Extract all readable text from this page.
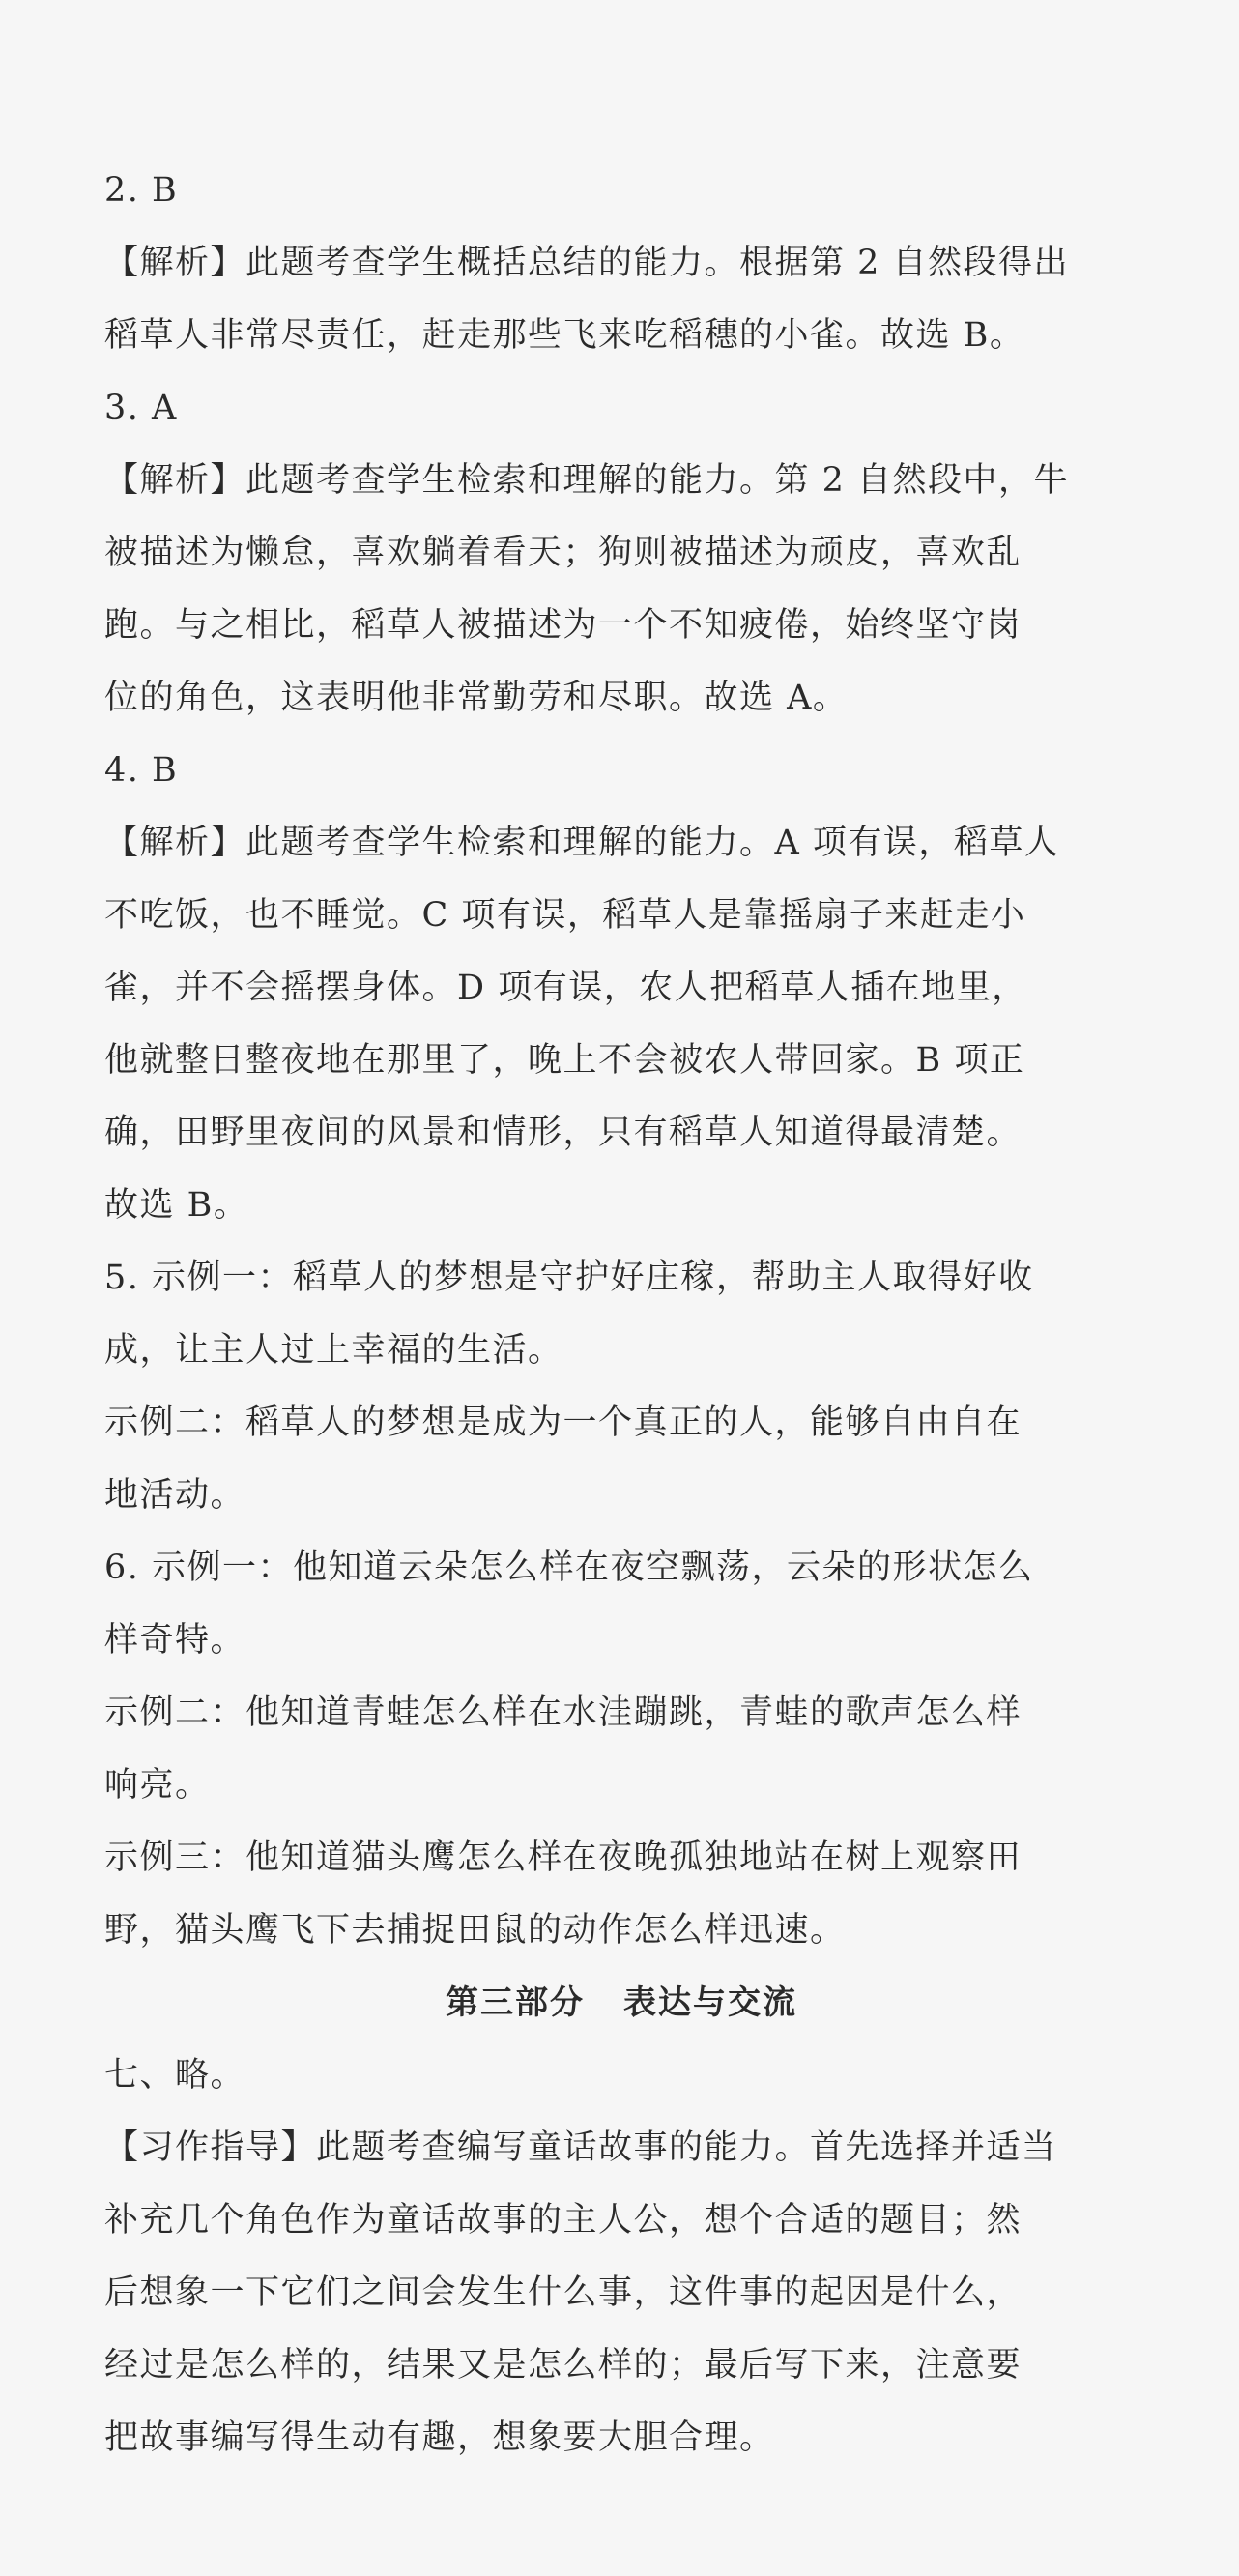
2. B
【解析】此题考查学生概括总结的能力。根据第 2 自然段得出
稻草人非常尽责任，赶走那些飞来吃稻穗的小雀。故选 B。
3. A
【解析】此题考查学生检索和理解的能力。第 2 自然段中，牛
被描述为懒怠，喜欢躺着看天；狗则被描述为顽皮，喜欢乱
跑。与之相比，稻草人被描述为一个不知疲倦，始终坚守岗
位的角色，这表明他非常勤劳和尽职。故选 A。
4. B
【解析】此题考查学生检索和理解的能力。A 项有误，稻草人
不吃饭，也不睡觉。C 项有误，稻草人是靠摇扇子来赶走小
雀，并不会摇摆身体。D 项有误，农人把稻草人插在地里，
他就整日整夜地在那里了，晚上不会被农人带回家。B 项正
确，田野里夜间的风景和情形，只有稻草人知道得最清楚。
故选 B。
5. 示例一：稻草人的梦想是守护好庄稼，帮助主人取得好收
成，让主人过上幸福的生活。
示例二：稻草人的梦想是成为一个真正的人，能够自由自在
地活动。
6. 示例一：他知道云朵怎么样在夜空飘荡，云朵的形状怎么
样奇特。
示例二：他知道青蛙怎么样在水洼蹦跳，青蛙的歌声怎么样
响亮。
示例三：他知道猫头鹰怎么样在夜晚孤独地站在树上观察田
野，猫头鹰飞下去捕捉田鼠的动作怎么样迅速。
第三部分 表达与交流
七、略。
【习作指导】此题考查编写童话故事的能力。首先选择并适当
补充几个角色作为童话故事的主人公，想个合适的题目；然
后想象一下它们之间会发生什么事，这件事的起因是什么，
经过是怎么样的，结果又是怎么样的；最后写下来，注意要
把故事编写得生动有趣，想象要大胆合理。
